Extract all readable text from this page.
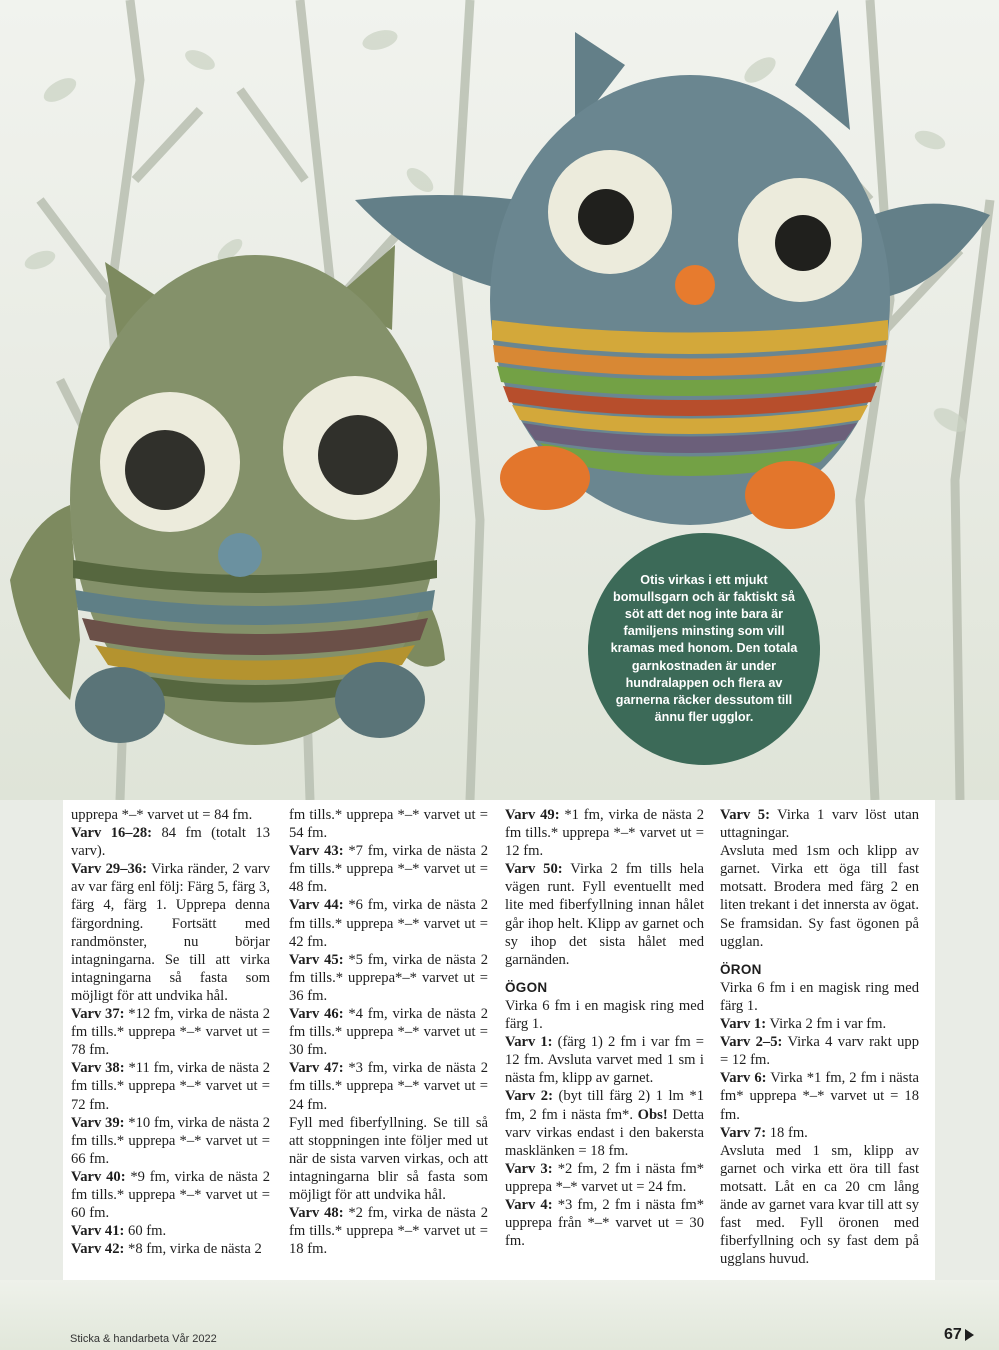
Otis virkas i ett mjukt bomullsgarn och är faktiskt så söt att det nog inte bara är familjens minsting som vill kramas med honom. Den totala garnkostnaden är under hundralappen och flera av garnerna räcker dessutom till ännu fler ugglor.

upprepa *–* varvet ut = 84 fm.

Varv 16–28: 84 fm (totalt 13 varv).

Varv 29–36: Virka ränder, 2 varv av var färg enl följ: Färg 5, färg 3, färg 4, färg 1. Upprepa denna färgordning. Fortsätt med randmönster, nu börjar intagningarna. Se till att virka intagningarna så fasta som möjligt för att undvika hål.

Varv 37: *12 fm, virka de nästa 2 fm tills.* upprepa *–* varvet ut = 78 fm.

Varv 38: *11 fm, virka de nästa 2 fm tills.* upprepa *–* varvet ut = 72 fm.

Varv 39: *10 fm, virka de nästa 2 fm tills.* upprepa *–* varvet ut = 66 fm.

Varv 40: *9 fm, virka de nästa 2 fm tills.* upprepa *–* varvet ut = 60 fm.

Varv 41: 60 fm.

Varv 42: *8 fm, virka de nästa 2

fm tills.* upprepa *–* varvet ut = 54 fm.

Varv 43: *7 fm, virka de nästa 2 fm tills.* upprepa *–* varvet ut = 48 fm.

Varv 44: *6 fm, virka de nästa 2 fm tills.* upprepa *–* varvet ut = 42 fm.

Varv 45: *5 fm, virka de nästa 2 fm tills.* upprepa*–* varvet ut = 36 fm.

Varv 46: *4 fm, virka de nästa 2 fm tills.* upprepa *–* varvet ut = 30 fm.

Varv 47: *3 fm, virka de nästa 2 fm tills.* upprepa *–* varvet ut = 24 fm.

Fyll med fiberfyllning. Se till så att stoppningen inte följer med ut när de sista varven virkas, och att intagningarna blir så fasta som möjligt för att undvika hål.

Varv 48: *2 fm, virka de nästa 2 fm tills.* upprepa *–* varvet ut = 18 fm.

Varv 49: *1 fm, virka de nästa 2 fm tills.* upprepa *–* varvet ut = 12 fm.

Varv 50: Virka 2 fm tills hela vägen runt. Fyll eventuellt med lite med fiberfyllning innan hålet går ihop helt. Klipp av garnet och sy ihop det sista hålet med garnänden.

ÖGON

Virka 6 fm i en magisk ring med färg 1.

Varv 1: (färg 1) 2 fm i var fm = 12 fm. Avsluta varvet med 1 sm i nästa fm, klipp av garnet.

Varv 2: (byt till färg 2) 1 lm *1 fm, 2 fm i nästa fm*. Obs! Detta varv virkas endast i den bakersta masklänken = 18 fm.

Varv 3: *2 fm, 2 fm i nästa fm* upprepa *–* varvet ut = 24 fm.

Varv 4: *3 fm, 2 fm i nästa fm* upprepa från *–* varvet ut = 30 fm.

Varv 5: Virka 1 varv löst utan uttagningar.

Avsluta med 1sm och klipp av garnet. Virka ett öga till fast motsatt. Brodera med färg 2 en liten trekant i det innersta av ögat. Se framsidan. Sy fast ögonen på ugglan.

ÖRON

Virka 6 fm i en magisk ring med färg 1.

Varv 1: Virka 2 fm i var fm.

Varv 2–5: Virka 4 varv rakt upp = 12 fm.

Varv 6: Virka *1 fm, 2 fm i nästa fm* upprepa *–* varvet ut = 18 fm.

Varv 7: 18 fm.

Avsluta med 1 sm, klipp av garnet och virka ett öra till fast motsatt. Låt en ca 20 cm lång ände av garnet vara kvar till att sy fast med. Fyll öronen med fiberfyllning och sy fast dem på ugglans huvud.

Sticka & handarbeta Vår 2022	67
